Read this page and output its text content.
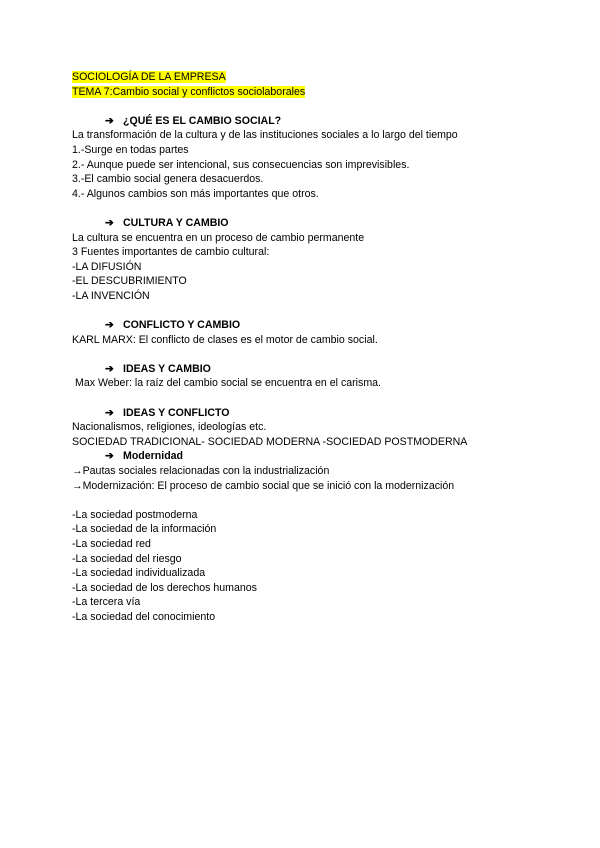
SOCIOLOGÍA DE LA EMPRESA
TEMA 7:Cambio social y conflictos sociolaborales
➔ ¿QUÉ ES EL CAMBIO SOCIAL?
La transformación de la cultura y de las instituciones sociales a lo largo del tiempo
1.-Surge en todas partes
2.- Aunque puede ser intencional, sus consecuencias son imprevisibles.
3.-El cambio social genera desacuerdos.
4.- Algunos cambios son más importantes que otros.
➔ CULTURA Y CAMBIO
La cultura se encuentra en un proceso de cambio permanente
3 Fuentes importantes de cambio cultural:
-LA DIFUSIÓN
-EL DESCUBRIMIENTO
-LA INVENCIÓN
➔ CONFLICTO Y CAMBIO
KARL MARX: El conflicto de clases es el motor de cambio social.
➔ IDEAS Y CAMBIO
Max Weber: la raíz del cambio social se encuentra en el carisma.
➔ IDEAS Y CONFLICTO
Nacionalismos, religiones, ideologías etc.
SOCIEDAD TRADICIONAL- SOCIEDAD MODERNA -SOCIEDAD POSTMODERNA
➔ Modernidad
→Pautas sociales relacionadas con la industrialización
→Modernización: El proceso de cambio social que se inició con la modernización
-La sociedad postmoderna
-La sociedad de la información
-La sociedad red
-La sociedad del riesgo
-La sociedad individualizada
-La sociedad de los derechos humanos
-La tercera vía
-La sociedad del conocimiento
